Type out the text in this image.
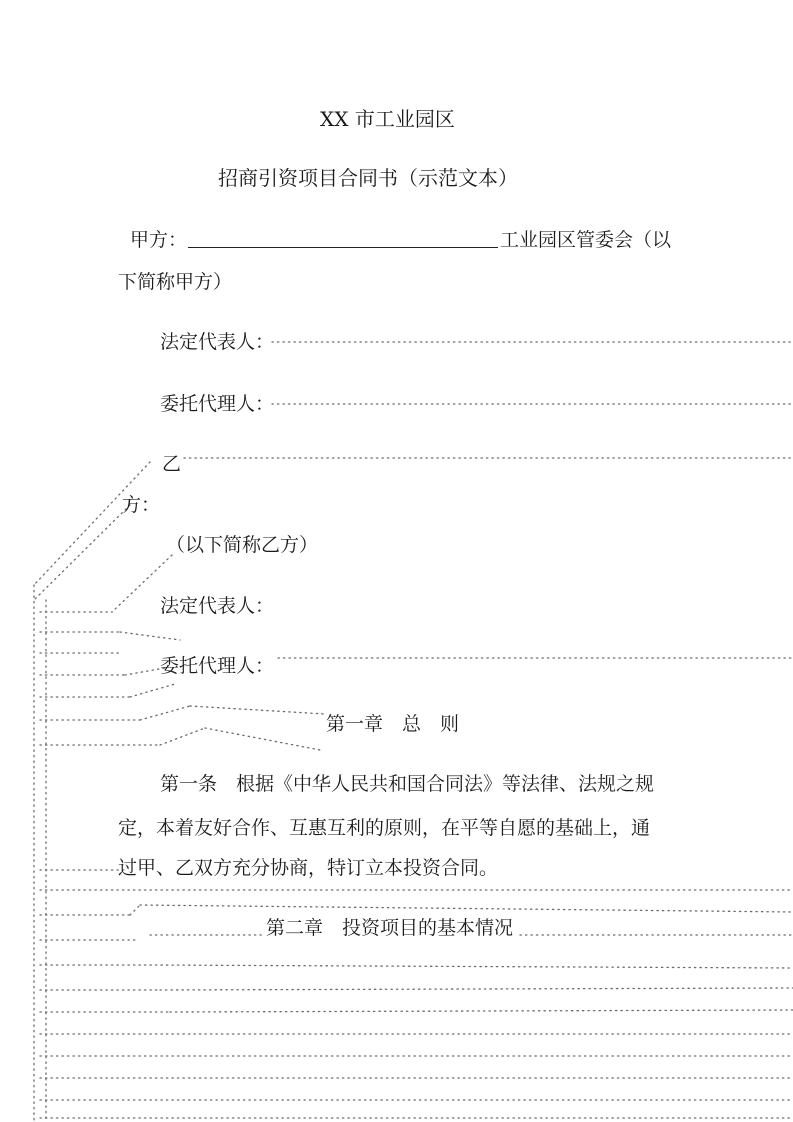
XX 市工业园区
招商引资项目合同书（示范文本）
甲方：	工业园区管委会（以
下简称甲方）
法定代表人：
委托代理人：
乙
方：
（以下简称乙方）
法定代表人：
委托代理人：
第一章　总　则
第一条　根据《中华人民共和国合同法》等法律、法规之规
定，本着友好合作、互惠互利的原则，在平等自愿的基础上，通
过甲、乙双方充分协商，特订立本投资合同。
第二章　投资项目的基本情况
